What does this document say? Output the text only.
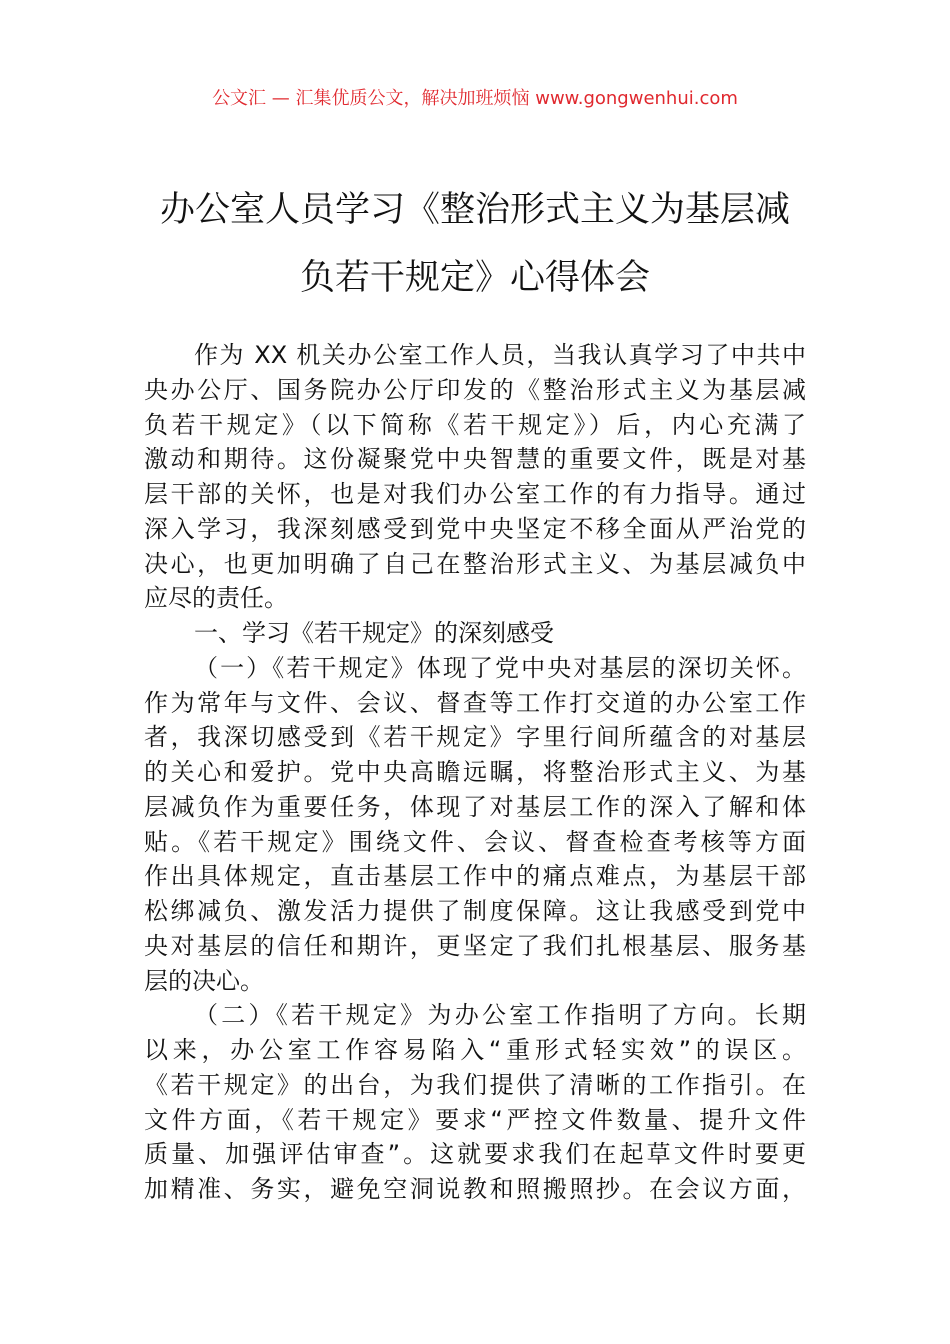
公文汇 — 汇集优质公文，解决加班烦恼 www.gongwenhui.com
办公室人员学习《整治形式主义为基层减
负若干规定》心得体会
作为 XX 机关办公室工作人员，当我认真学习了中共中
央办公厅、国务院办公厅印发的《整治形式主义为基层减
负若干规定》（以下简称《若干规定》）后，内心充满了
激动和期待。这份凝聚党中央智慧的重要文件，既是对基
层干部的关怀，也是对我们办公室工作的有力指导。通过
深入学习，我深刻感受到党中央坚定不移全面从严治党的
决心，也更加明确了自己在整治形式主义、为基层减负中
应尽的责任。
一、学习《若干规定》的深刻感受
（一）《若干规定》体现了党中央对基层的深切关怀。
作为常年与文件、会议、督查等工作打交道的办公室工作
者，我深切感受到《若干规定》字里行间所蕴含的对基层
的关心和爱护。党中央高瞻远瞩，将整治形式主义、为基
层减负作为重要任务，体现了对基层工作的深入了解和体
贴。《若干规定》围绕文件、会议、督查检查考核等方面
作出具体规定，直击基层工作中的痛点难点，为基层干部
松绑减负、激发活力提供了制度保障。这让我感受到党中
央对基层的信任和期许，更坚定了我们扎根基层、服务基
层的决心。
（二）《若干规定》为办公室工作指明了方向。长期
以来，办公室工作容易陷入“重形式轻实效”的误区。
《若干规定》的出台，为我们提供了清晰的工作指引。在
文件方面，《若干规定》要求“严控文件数量、提升文件
质量、加强评估审查”。这就要求我们在起草文件时要更
加精准、务实，避免空洞说教和照搬照抄。在会议方面，
